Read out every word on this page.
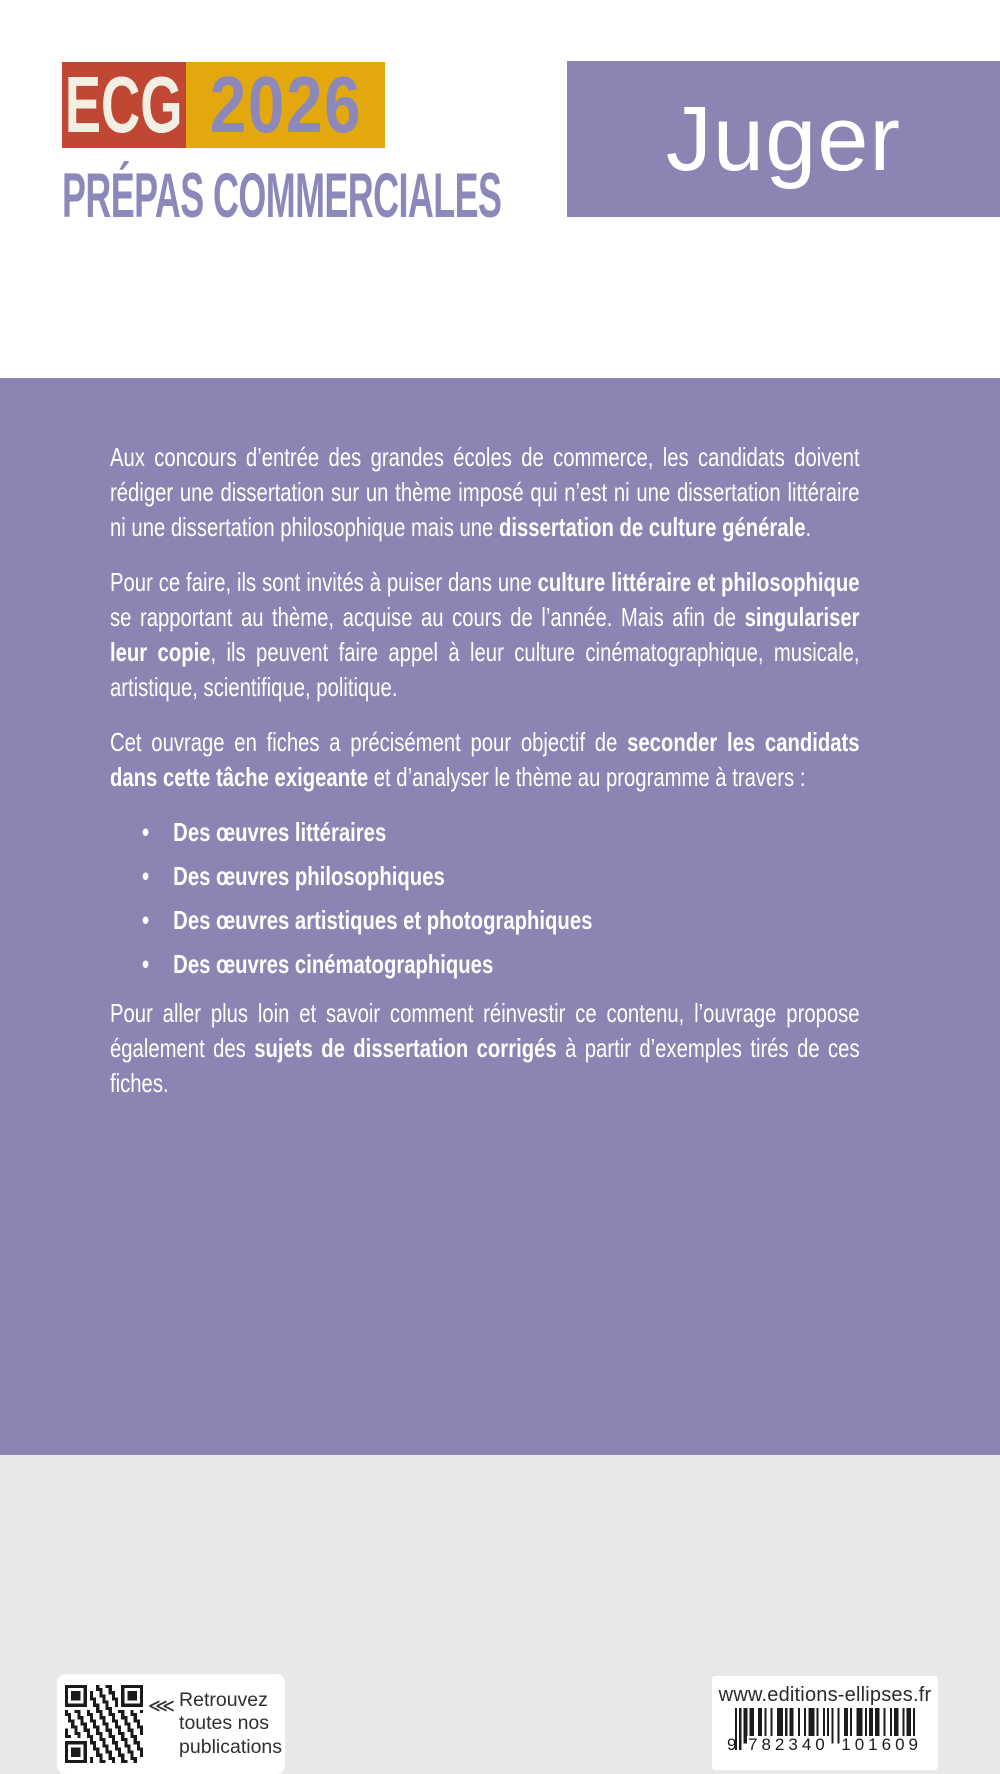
ECG 2026
PRÉPAS COMMERCIALES
Juger

Aux concours d’entrée des grandes écoles de commerce, les candidats doivent rédiger une dissertation sur un thème imposé qui n’est ni une dissertation littéraire ni une dissertation philosophique mais une dissertation de culture générale.

Pour ce faire, ils sont invités à puiser dans une culture littéraire et philosophique se rapportant au thème, acquise au cours de l’année. Mais afin de singulariser leur copie, ils peuvent faire appel à leur culture cinématographique, musicale, artistique, scientifique, politique.

Cet ouvrage en fiches a précisément pour objectif de seconder les candidats dans cette tâche exigeante et d’analyser le thème au programme à travers :

• Des œuvres littéraires
• Des œuvres philosophiques
• Des œuvres artistiques et photographiques
• Des œuvres cinématographiques

Pour aller plus loin et savoir comment réinvestir ce contenu, l’ouvrage propose également des sujets de dissertation corrigés à partir d’exemples tirés de ces fiches.

⋘ Retrouvez toutes nos publications
www.editions-ellipses.fr
9 782340 101609
